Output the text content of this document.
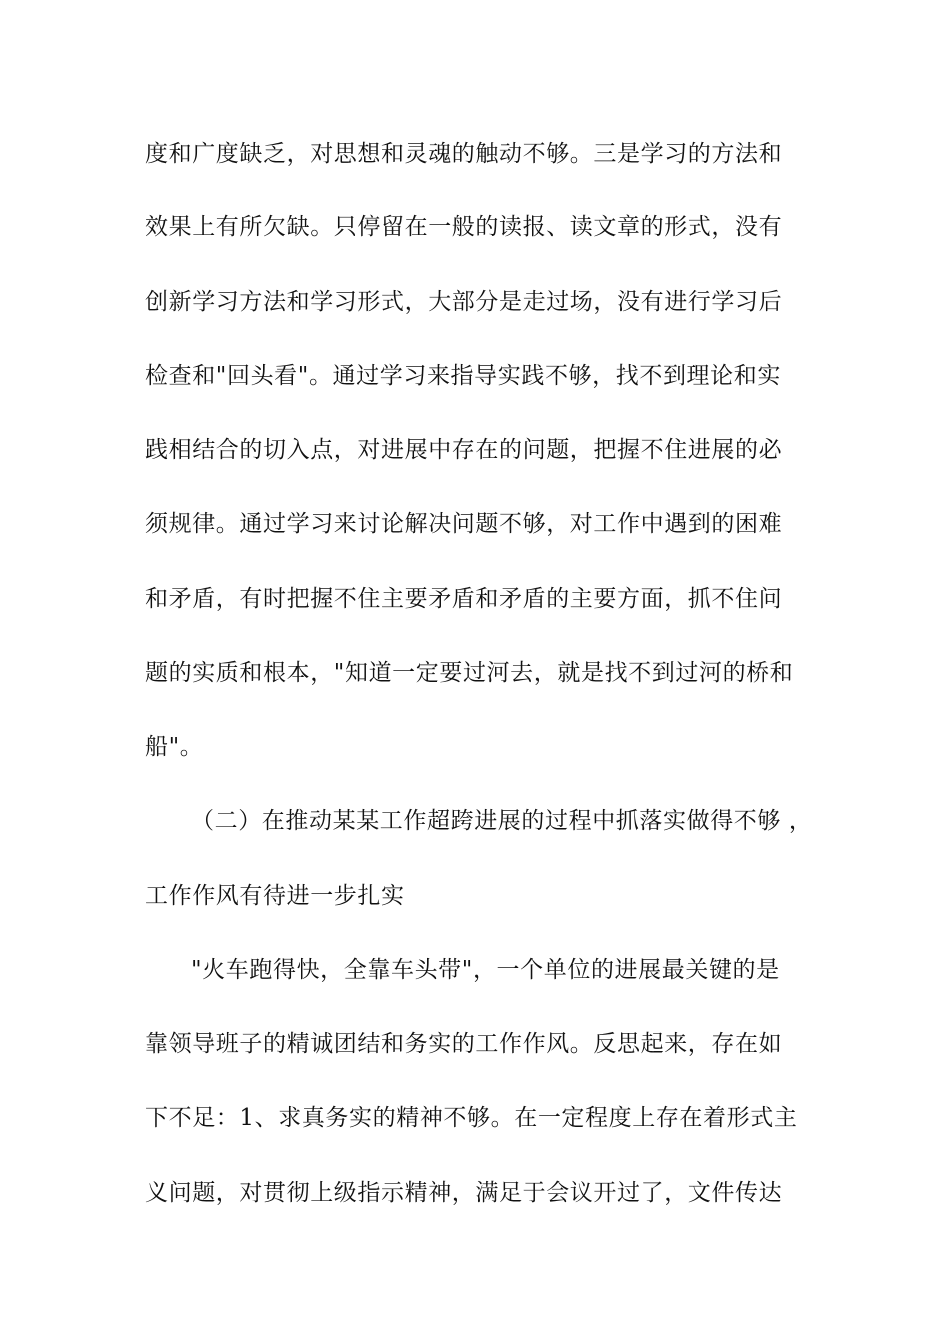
度和广度缺乏，对思想和灵魂的触动不够。三是学习的方法和
效果上有所欠缺。只停留在一般的读报、读文章的形式，没有
创新学习方法和学习形式，大部分是走过场，没有进行学习后
检查和"回头看"。通过学习来指导实践不够，找不到理论和实
践相结合的切入点，对进展中存在的问题，把握不住进展的必
须规律。通过学习来讨论解决问题不够，对工作中遇到的困难
和矛盾，有时把握不住主要矛盾和矛盾的主要方面，抓不住问
题的实质和根本，"知道一定要过河去，就是找不到过河的桥和
船"。
（二）在推动某某工作超跨进展的过程中抓落实做得不够 ，
工作作风有待进一步扎实
"火车跑得快，全靠车头带"，一个单位的进展最关键的是
靠领导班子的精诚团结和务实的工作作风。反思起来，存在如
下不足：1、求真务实的精神不够。在一定程度上存在着形式主
义问题，对贯彻上级指示精神，满足于会议开过了，文件传达
